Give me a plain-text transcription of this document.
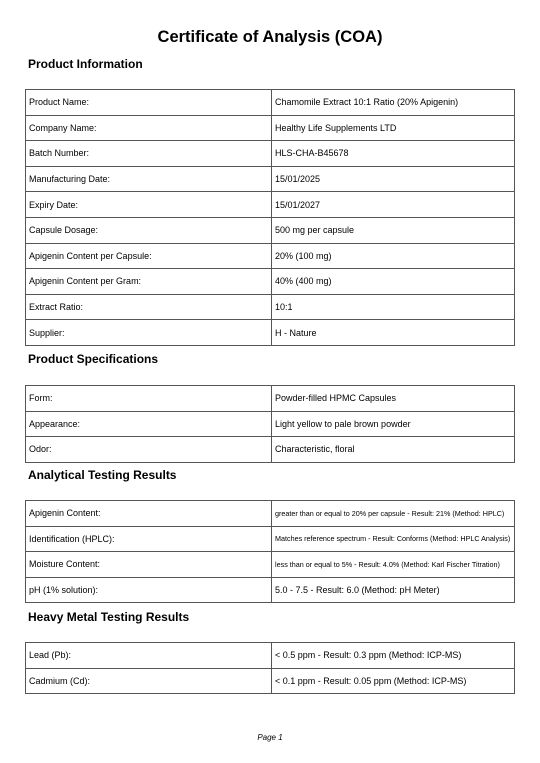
Certificate of Analysis (COA)
Product Information
Product Name:	Chamomile Extract 10:1 Ratio (20% Apigenin)
Company Name:	Healthy Life Supplements LTD
Batch Number:	HLS-CHA-B45678
Manufacturing Date:	15/01/2025
Expiry Date:	15/01/2027
Capsule Dosage:	500 mg per capsule
Apigenin Content per Capsule:	20% (100 mg)
Apigenin Content per Gram:	40% (400 mg)
Extract Ratio:	10:1
Supplier:	H - Nature
Product Specifications
Form:	Powder-filled HPMC Capsules
Appearance:	Light yellow to pale brown powder
Odor:	Characteristic, floral
Analytical Testing Results
Apigenin Content:	greater than or equal to 20% per capsule - Result: 21% (Method: HPLC)
Identification (HPLC):	Matches reference spectrum - Result: Conforms (Method: HPLC Analysis)
Moisture Content:	less than or equal to 5% - Result: 4.0% (Method: Karl Fischer Titration)
pH (1% solution):	5.0 - 7.5 - Result: 6.0 (Method: pH Meter)
Heavy Metal Testing Results
Lead (Pb):	< 0.5 ppm - Result: 0.3 ppm (Method: ICP-MS)
Cadmium (Cd):	< 0.1 ppm - Result: 0.05 ppm (Method: ICP-MS)
Page 1
